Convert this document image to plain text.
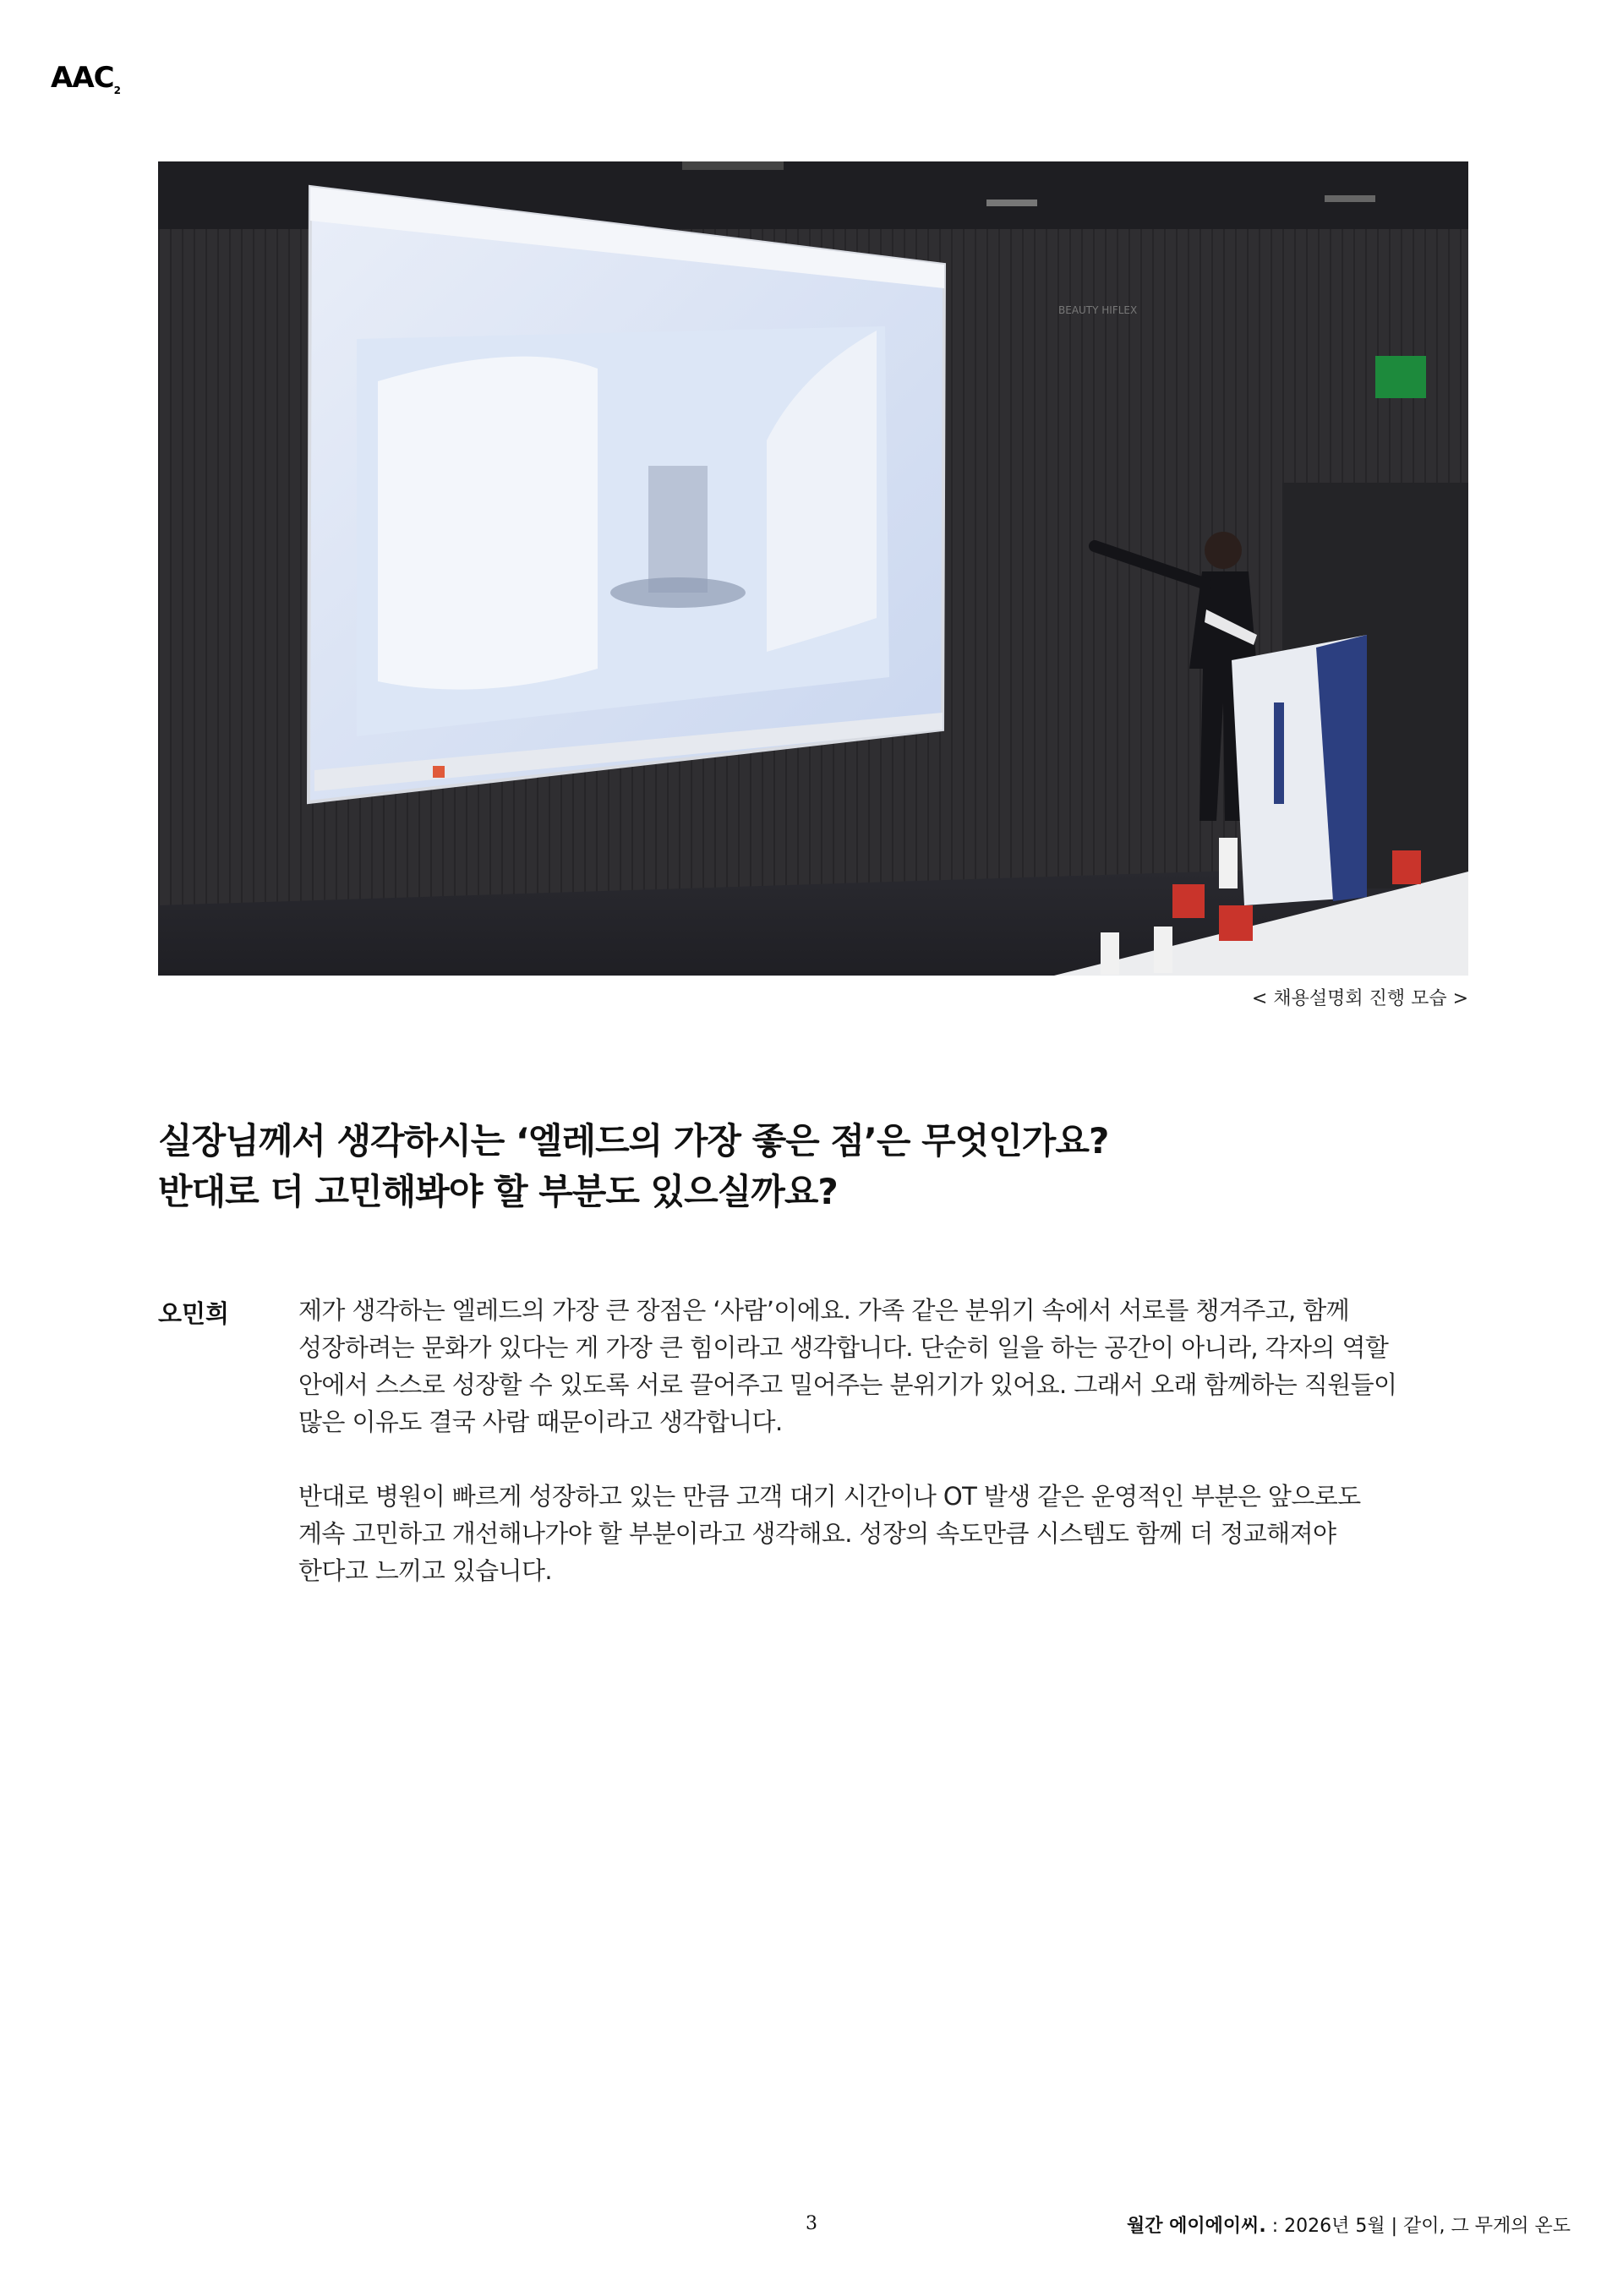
$AAC_2$
BEAUTY HIFLEX
< 채용설명회 진행 모습 >
실장님께서 생각하시는 ‘엘레드의 가장 좋은 점’은 무엇인가요?
반대로 더 고민해봐야 할 부분도 있으실까요?
오민희	제가 생각하는 엘레드의 가장 큰 장점은 ‘사람’이에요. 가족 같은 분위기 속에서 서로를 챙겨주고, 함께
성장하려는 문화가 있다는 게 가장 큰 힘이라고 생각합니다. 단순히 일을 하는 공간이 아니라, 각자의 역할
안에서 스스로 성장할 수 있도록 서로 끌어주고 밀어주는 분위기가 있어요. 그래서 오래 함께하는 직원들이
많은 이유도 결국 사람 때문이라고 생각합니다.
반대로 병원이 빠르게 성장하고 있는 만큼 고객 대기 시간이나 OT 발생 같은 운영적인 부분은 앞으로도
계속 고민하고 개선해나가야 할 부분이라고 생각해요. 성장의 속도만큼 시스템도 함께 더 정교해져야
한다고 느끼고 있습니다.
3	월간 에이에이씨. : 2026년 5월 | 같이, 그 무게의 온도
